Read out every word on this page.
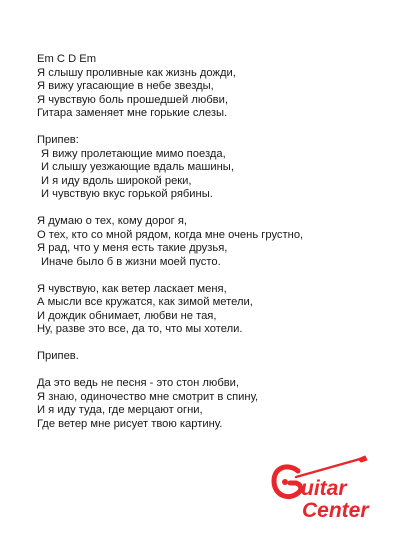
Em C D Em
Я слышу проливные как жизнь дожди,
Я вижу угасающие в небе звезды,
Я чувствую боль прошедшей любви,
Гитара заменяет мне горькие слезы.
Припев:
Я вижу пролетающие мимо поезда,
И слышу уезжающие вдаль машины,
И я иду вдоль широкой реки,
И чувствую вкус горькой рябины.
Я думаю о тех, кому дорог я,
О тех, кто со мной рядом, когда мне очень грустно,
Я рад, что у меня есть такие друзья,
Иначе было б в жизни моей пусто.
Я чувствую, как ветер ласкает меня,
А мысли все кружатся, как зимой метели,
И дождик обнимает, любви не тая,
Ну, разве это все, да то, что мы хотели.
Припев.
Да это ведь не песня - это стон любви,
Я знаю, одиночество мне смотрит в спину,
И я иду туда, где мерцают огни,
Где ветер мне рисует твою картину.
uitar
Center
